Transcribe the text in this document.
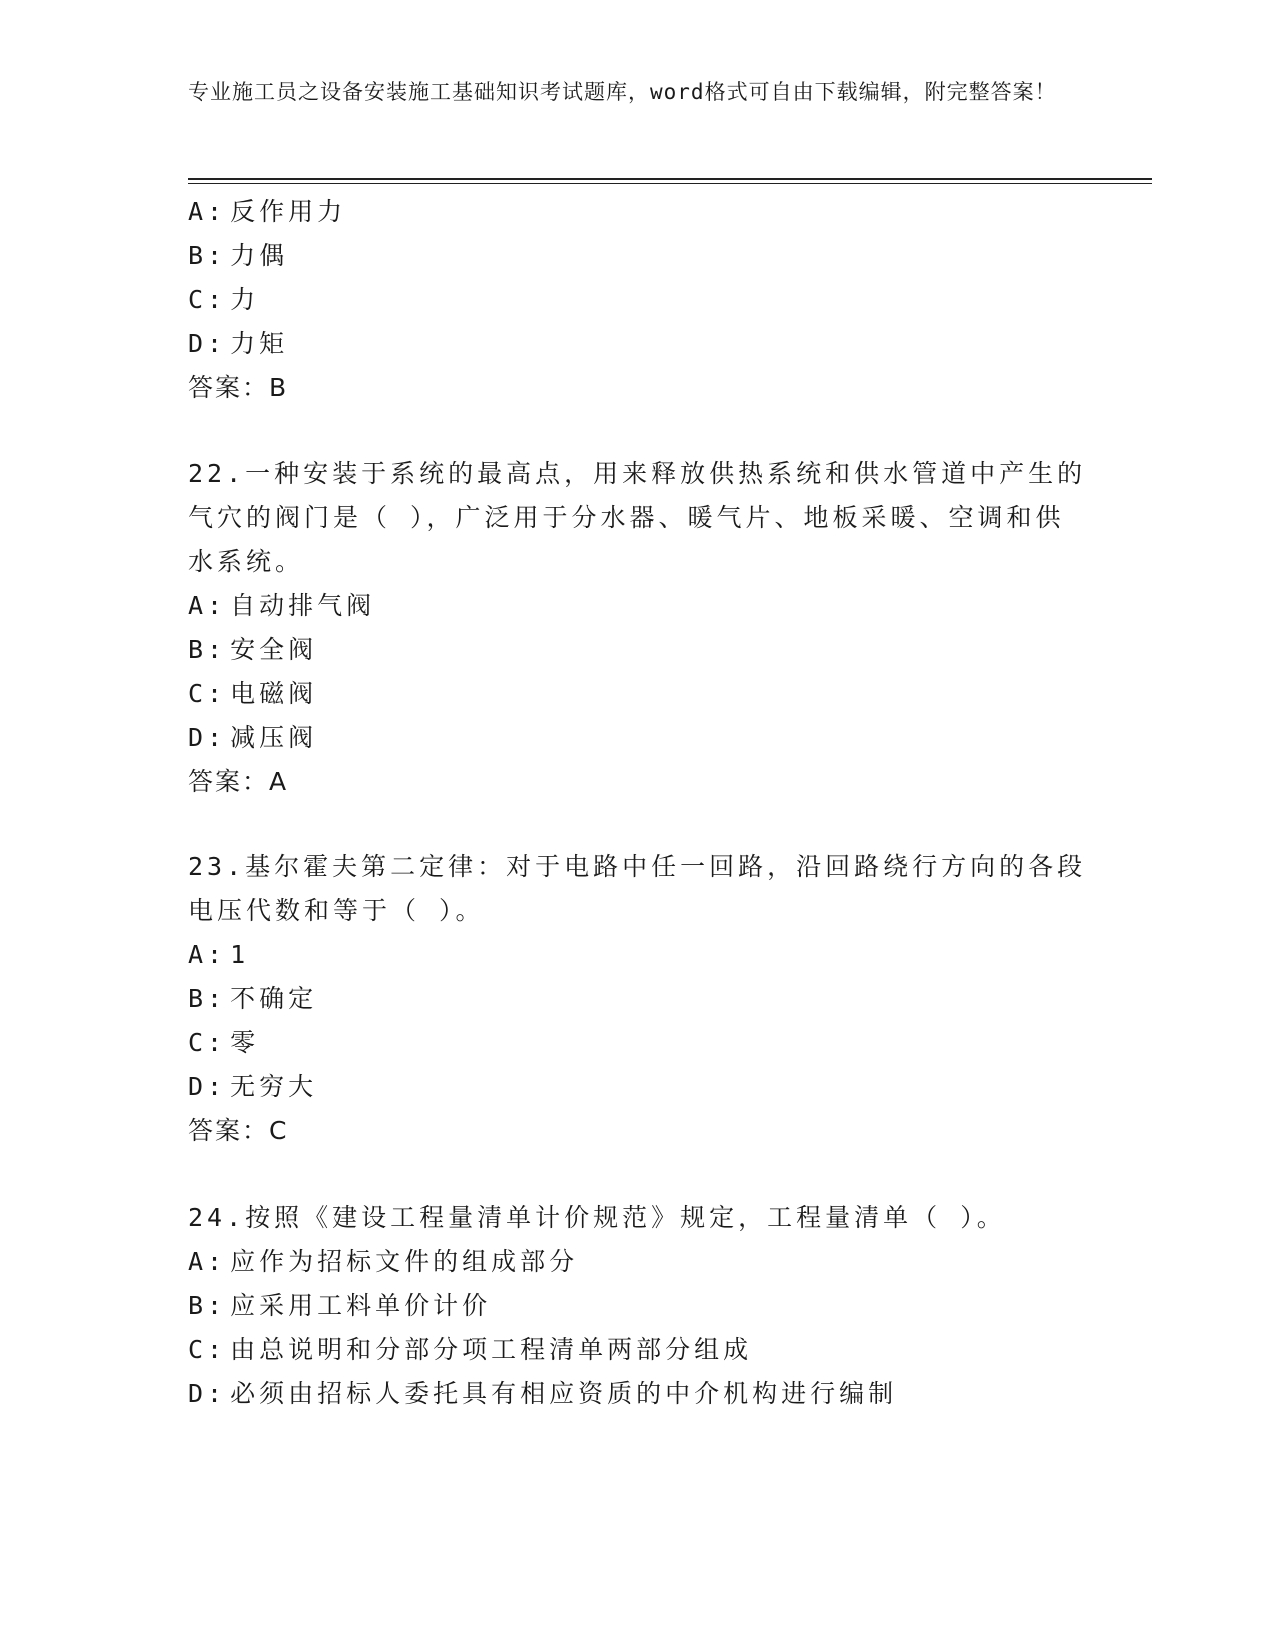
专业施工员之设备安装施工基础知识考试题库，word格式可自由下载编辑，附完整答案！
A: 反作用力
B: 力偶
C: 力
D: 力矩
答案：B
22.一种安装于系统的最高点，用来释放供热系统和供水管道中产生的
气穴的阀门是（ ），广泛用于分水器、暖气片、地板采暖、空调和供
水系统。
A: 自动排气阀
B: 安全阀
C: 电磁阀
D: 减压阀
答案：A
23.基尔霍夫第二定律：对于电路中任一回路，沿回路绕行方向的各段
电压代数和等于（ ）。
A: 1
B: 不确定
C: 零
D: 无穷大
答案：C
24.按照《建设工程量清单计价规范》规定，工程量清单（ ）。
A: 应作为招标文件的组成部分
B: 应采用工料单价计价
C: 由总说明和分部分项工程清单两部分组成
D: 必须由招标人委托具有相应资质的中介机构进行编制
